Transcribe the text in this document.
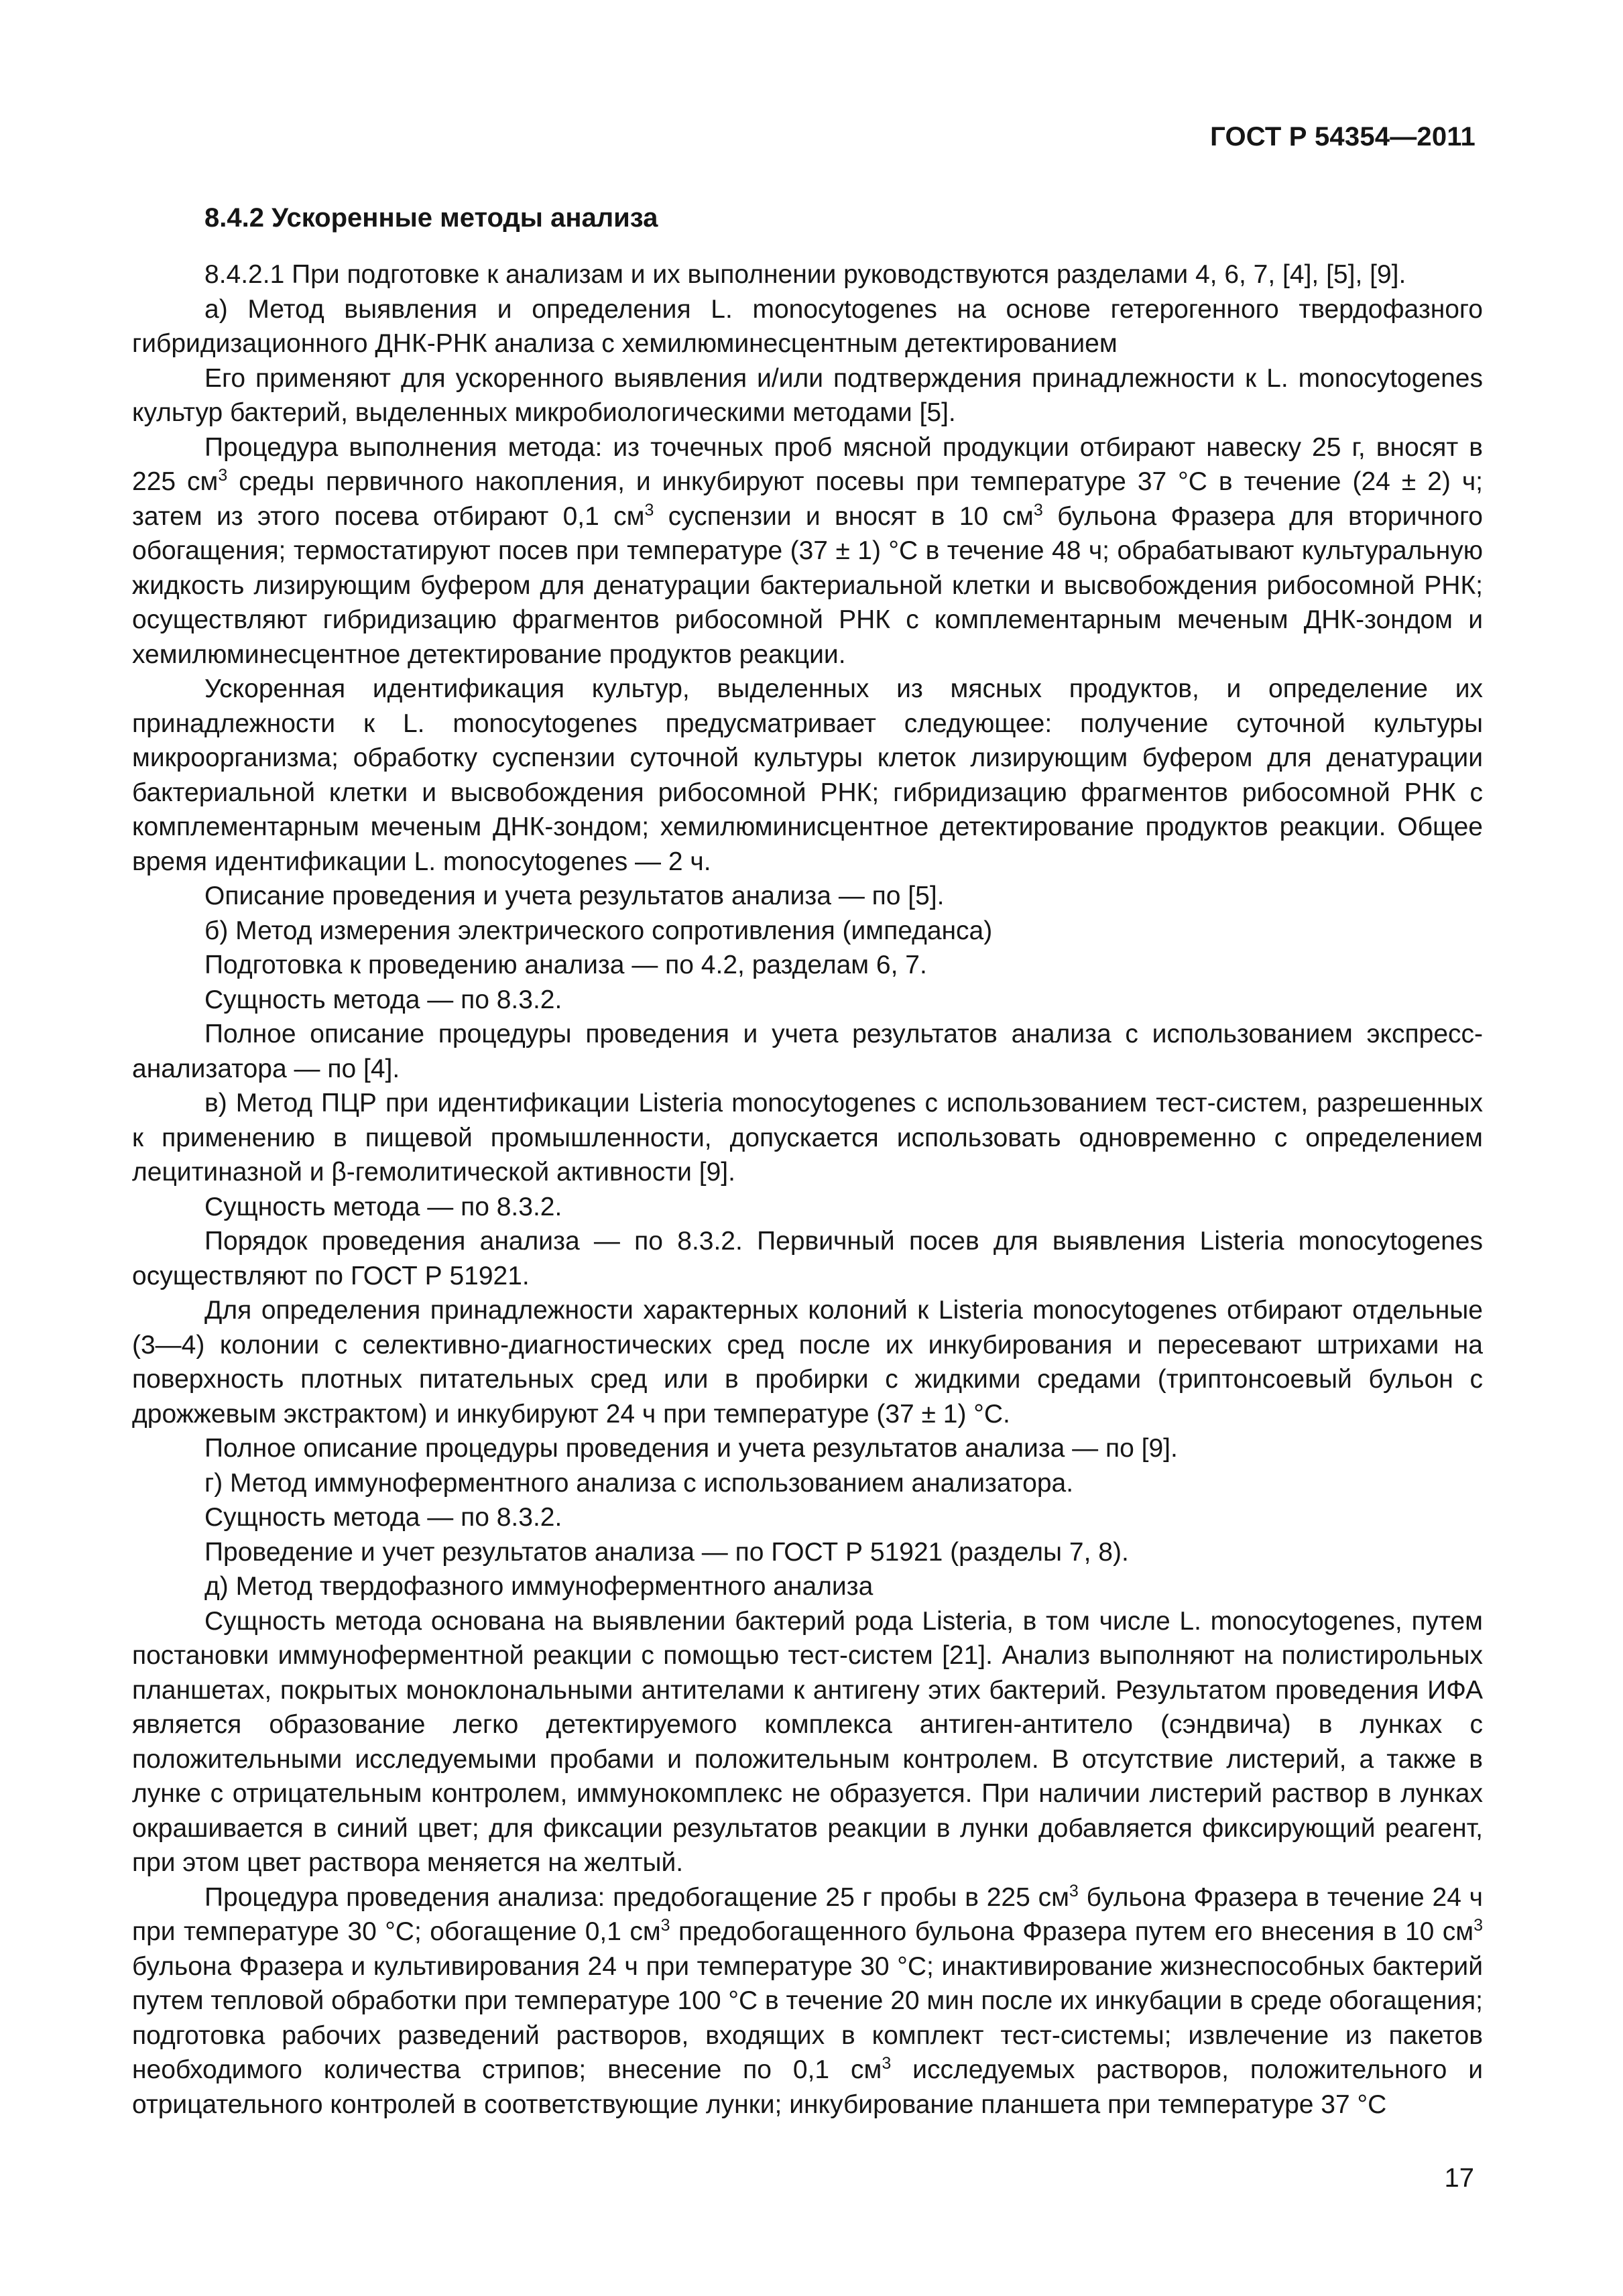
ГОСТ Р 54354—2011
8.4.2 Ускоренные методы анализа

8.4.2.1 При подготовке к анализам и их выполнении руководствуются разделами 4, 6, 7, [4], [5], [9].

а) Метод выявления и определения L. monocytogenes на основе гетерогенного твердофазного гибридизационного ДНК-РНК анализа с хемилюминесцентным детектированием

Его применяют для ускоренного выявления и/или подтверждения принадлежности к L. monocytogenes культур бактерий, выделенных микробиологическими методами [5].

Процедура выполнения метода: из точечных проб мясной продукции отбирают навеску 25 г, вносят в 225 $см^3$ среды первичного накопления, и инкубируют посевы при температуре 37 °С в течение (24 ± 2) ч; затем из этого посева отбирают 0,1 $см^3$ суспензии и вносят в 10 $см^3$ бульона Фразера для вторичного обогащения; термостатируют посев при температуре (37 ± 1) °С в течение 48 ч; обрабатывают культуральную жидкость лизирующим буфером для денатурации бактериальной клетки и высвобождения рибосомной РНК; осуществляют гибридизацию фрагментов рибосомной РНК с комплементарным меченым ДНК-зондом и хемилюминесцентное детектирование продуктов реакции.

Ускоренная идентификация культур, выделенных из мясных продуктов, и определение их принадлежности к L. monocytogenes предусматривает следующее: получение суточной культуры микроорганизма; обработку суспензии суточной культуры клеток лизирующим буфером для денатурации бактериальной клетки и высвобождения рибосомной РНК; гибридизацию фрагментов рибосомной РНК с комплементарным меченым ДНК-зондом; хемилюминисцентное детектирование продуктов реакции. Общее время идентификации L. monocytogenes — 2 ч.

Описание проведения и учета результатов анализа — по [5].

б) Метод измерения электрического сопротивления (импеданса)

Подготовка к проведению анализа — по 4.2, разделам 6, 7.

Сущность метода — по 8.3.2.

Полное описание процедуры проведения и учета результатов анализа с использованием экспресс-анализатора — по [4].

в) Метод ПЦР при идентификации Listeria monocytogenes с использованием тест-систем, разрешенных к применению в пищевой промышленности, допускается использовать одновременно с определением лецитиназной и β-гемолитической активности [9].

Сущность метода — по 8.3.2.

Порядок проведения анализа — по 8.3.2. Первичный посев для выявления Listeria monocytogenes осуществляют по ГОСТ Р 51921.

Для определения принадлежности характерных колоний к Listeria monocytogenes отбирают отдельные (3—4) колонии с селективно-диагностических сред после их инкубирования и пересевают штрихами на поверхность плотных питательных сред или в пробирки с жидкими средами (триптонсоевый бульон с дрожжевым экстрактом) и инкубируют 24 ч при температуре (37 ± 1) °С.

Полное описание процедуры проведения и учета результатов анализа — по [9].

г) Метод иммуноферментного анализа с использованием анализатора.

Сущность метода — по 8.3.2.

Проведение и учет результатов анализа — по ГОСТ Р 51921 (разделы 7, 8).

д) Метод твердофазного иммуноферментного анализа

Сущность метода основана на выявлении бактерий рода Listeria, в том числе L. monocytogenes, путем постановки иммуноферментной реакции с помощью тест-систем [21]. Анализ выполняют на полистирольных планшетах, покрытых моноклональными антителами к антигену этих бактерий. Результатом проведения ИФА является образование легко детектируемого комплекса антиген-антитело (сэндвича) в лунках с положительными исследуемыми пробами и положительным контролем. В отсутствие листерий, а также в лунке с отрицательным контролем, иммунокомплекс не образуется. При наличии листерий раствор в лунках окрашивается в синий цвет; для фиксации результатов реакции в лунки добавляется фиксирующий реагент, при этом цвет раствора меняется на желтый.

Процедура проведения анализа: предобогащение 25 г пробы в 225 $см^3$ бульона Фразера в течение 24 ч при температуре 30 °С; обогащение 0,1 $см^3$ предобогащенного бульона Фразера путем его внесения в 10 $см^3$ бульона Фразера и культивирования 24 ч при температуре 30 °С; инактивирование жизнеспособных бактерий путем тепловой обработки при температуре 100 °С в течение 20 мин после их инкубации в среде обогащения; подготовка рабочих разведений растворов, входящих в комплект тест-системы; извлечение из пакетов необходимого количества стрипов; внесение по 0,1 $см^3$ исследуемых растворов, положительного и отрицательного контролей в соответствующие лунки; инкубирование планшета при температуре 37 °С

17
